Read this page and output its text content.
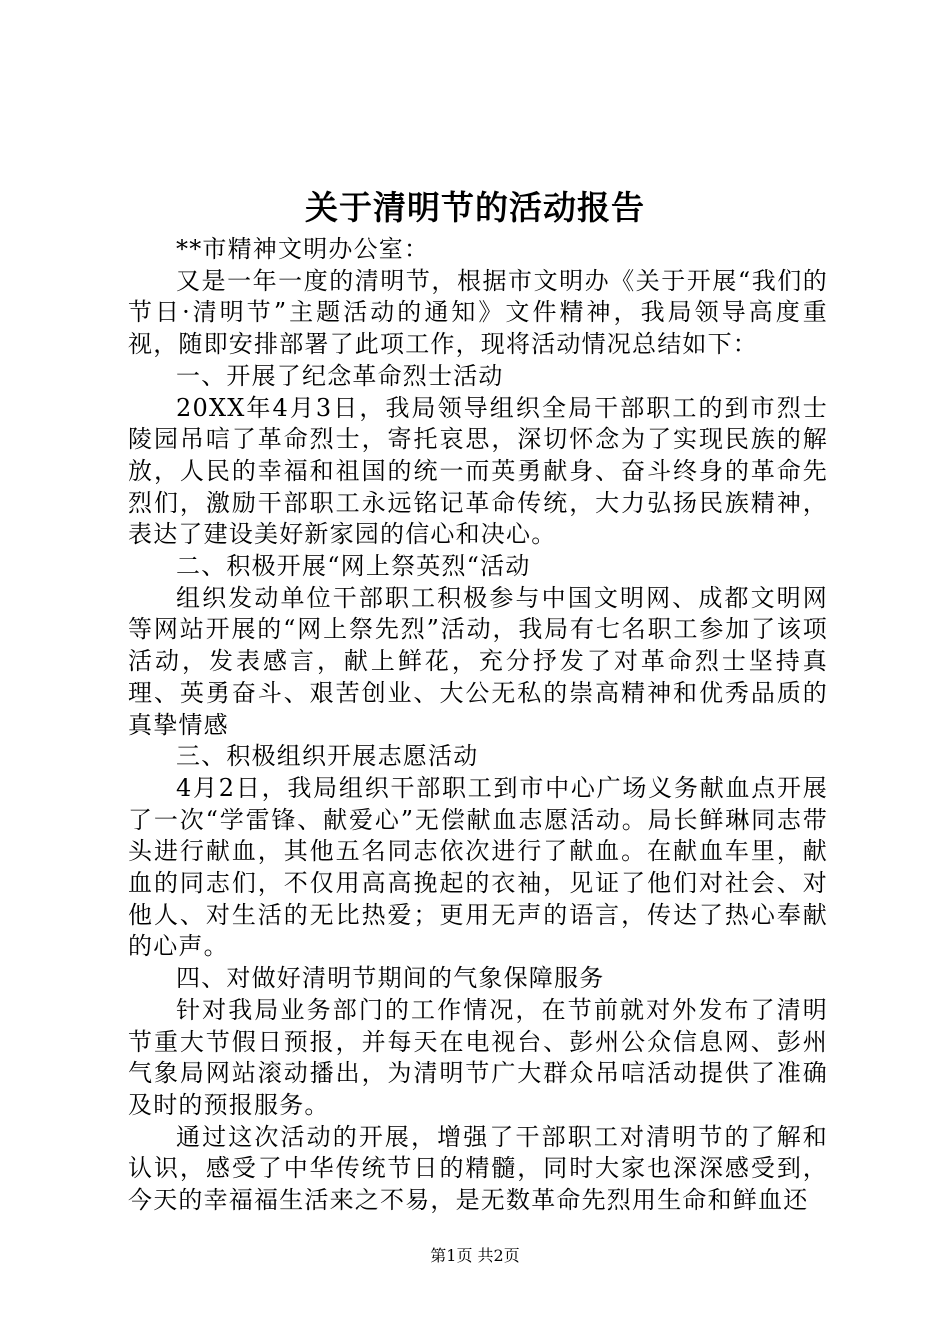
关于清明节的活动报告

**市精神文明办公室：

又是一年一度的清明节，根据市文明办《关于开展“我们的节日·清明节”主题活动的通知》文件精神，我局领导高度重视，随即安排部署了此项工作，现将活动情况总结如下：

一、开展了纪念革命烈士活动

20XX年4月3日，我局领导组织全局干部职工的到市烈士陵园吊唁了革命烈士，寄托哀思，深切怀念为了实现民族的解放，人民的幸福和祖国的统一而英勇献身、奋斗终身的革命先烈们，激励干部职工永远铭记革命传统，大力弘扬民族精神，表达了建设美好新家园的信心和决心。

二、积极开展“网上祭英烈“活动

组织发动单位干部职工积极参与中国文明网、成都文明网等网站开展的“网上祭先烈”活动，我局有七名职工参加了该项活动，发表感言，献上鲜花，充分抒发了对革命烈士坚持真理、英勇奋斗、艰苦创业、大公无私的崇高精神和优秀品质的真挚情感

三、积极组织开展志愿活动

4月2日，我局组织干部职工到市中心广场义务献血点开展了一次“学雷锋、献爱心”无偿献血志愿活动。局长鲜琳同志带头进行献血，其他五名同志依次进行了献血。在献血车里，献血的同志们，不仅用高高挽起的衣袖，见证了他们对社会、对他人、对生活的无比热爱；更用无声的语言，传达了热心奉献的心声。

四、对做好清明节期间的气象保障服务

针对我局业务部门的工作情况，在节前就对外发布了清明节重大节假日预报，并每天在电视台、彭州公众信息网、彭州气象局网站滚动播出，为清明节广大群众吊唁活动提供了准确及时的预报服务。

通过这次活动的开展，增强了干部职工对清明节的了解和认识，感受了中华传统节日的精髓，同时大家也深深感受到，今天的幸福福生活来之不易，是无数革命先烈用生命和鲜血还

第1页 共2页
